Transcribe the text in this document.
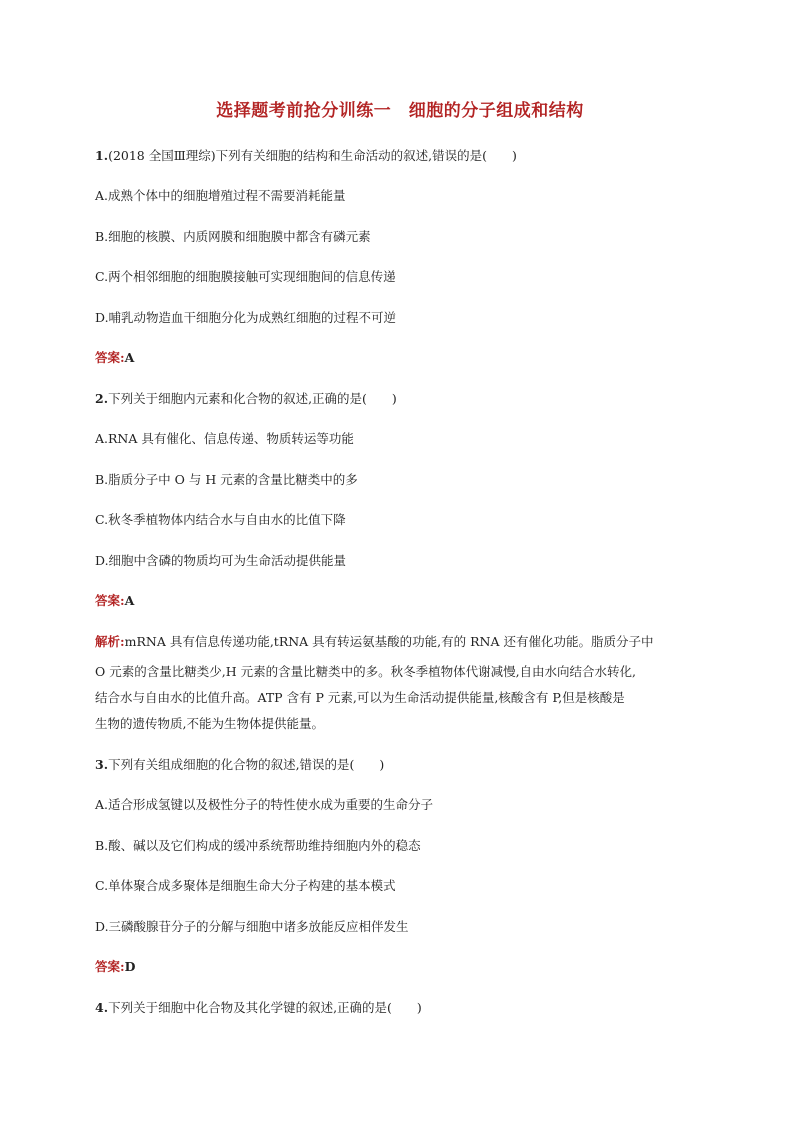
选择题考前抢分训练一　细胞的分子组成和结构

1.(2018 全国Ⅲ理综)下列有关细胞的结构和生命活动的叙述,错误的是(　　)

A.成熟个体中的细胞增殖过程不需要消耗能量

B.细胞的核膜、内质网膜和细胞膜中都含有磷元素

C.两个相邻细胞的细胞膜接触可实现细胞间的信息传递

D.哺乳动物造血干细胞分化为成熟红细胞的过程不可逆

答案:A

2.下列关于细胞内元素和化合物的叙述,正确的是(　　)

A.RNA 具有催化、信息传递、物质转运等功能

B.脂质分子中 O 与 H 元素的含量比糖类中的多

C.秋冬季植物体内结合水与自由水的比值下降

D.细胞中含磷的物质均可为生命活动提供能量

答案:A

解析:mRNA 具有信息传递功能,tRNA 具有转运氨基酸的功能,有的 RNA 还有催化功能。脂质分子中

O 元素的含量比糖类少,H 元素的含量比糖类中的多。秋冬季植物体代谢减慢,自由水向结合水转化,

结合水与自由水的比值升高。ATP 含有 P 元素,可以为生命活动提供能量,核酸含有 P,但是核酸是

生物的遗传物质,不能为生物体提供能量。

3.下列有关组成细胞的化合物的叙述,错误的是(　　)

A.适合形成氢键以及极性分子的特性使水成为重要的生命分子

B.酸、碱以及它们构成的缓冲系统帮助维持细胞内外的稳态

C.单体聚合成多聚体是细胞生命大分子构建的基本模式

D.三磷酸腺苷分子的分解与细胞中诸多放能反应相伴发生

答案:D

4.下列关于细胞中化合物及其化学键的叙述,正确的是(　　)
